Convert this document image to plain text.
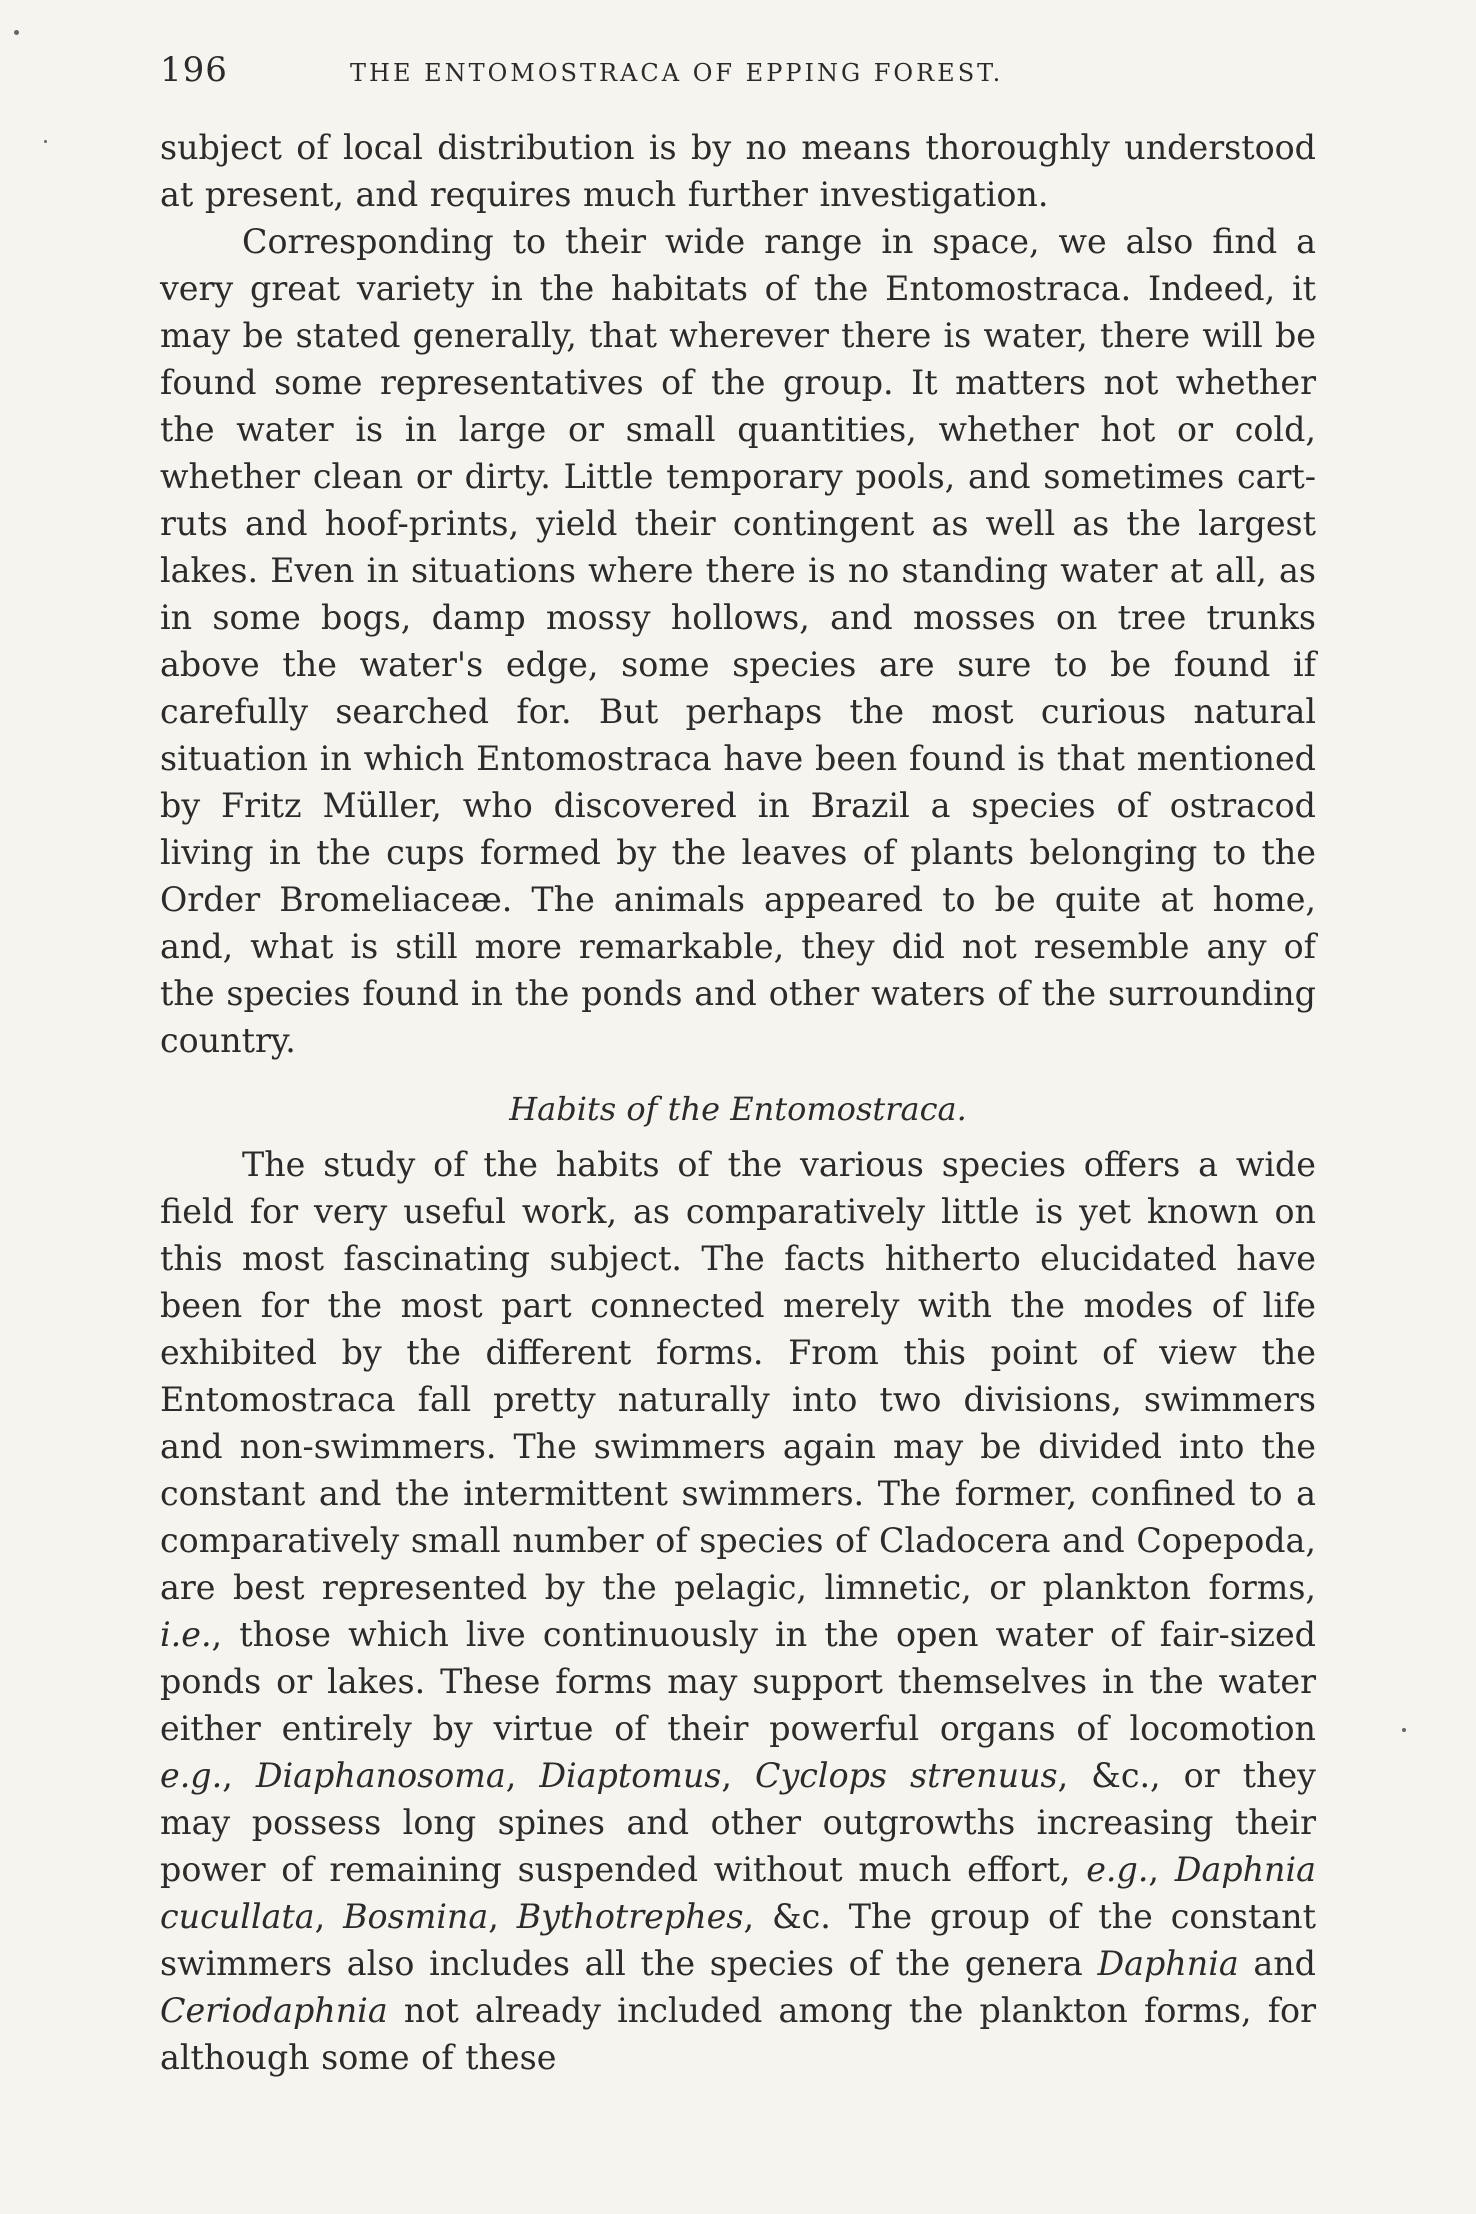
196	THE ENTOMOSTRACA OF EPPING FOREST.

subject of local distribution is by no means thoroughly understood at present, and requires much further investigation.

Corresponding to their wide range in space, we also find a very great variety in the habitats of the Entomostraca. Indeed, it may be stated generally, that wherever there is water, there will be found some representatives of the group. It matters not whether the water is in large or small quantities, whether hot or cold, whether clean or dirty. Little temporary pools, and sometimes cart-ruts and hoof-prints, yield their contingent as well as the largest lakes. Even in situations where there is no standing water at all, as in some bogs, damp mossy hollows, and mosses on tree trunks above the water's edge, some species are sure to be found if carefully searched for. But perhaps the most curious natural situation in which Entomostraca have been found is that mentioned by Fritz Müller, who discovered in Brazil a species of ostracod living in the cups formed by the leaves of plants belonging to the Order Bromeliaceæ. The animals appeared to be quite at home, and, what is still more remarkable, they did not resemble any of the species found in the ponds and other waters of the surrounding country.

Habits of the Entomostraca.

The study of the habits of the various species offers a wide field for very useful work, as comparatively little is yet known on this most fascinating subject. The facts hitherto elucidated have been for the most part connected merely with the modes of life exhibited by the different forms. From this point of view the Entomostraca fall pretty naturally into two divisions, swimmers and non-swimmers. The swimmers again may be divided into the constant and the intermittent swimmers. The former, confined to a comparatively small number of species of Cladocera and Copepoda, are best represented by the pelagic, limnetic, or plankton forms, i.e., those which live continuously in the open water of fair-sized ponds or lakes. These forms may support themselves in the water either entirely by virtue of their powerful organs of locomotion e.g., Diaphanosoma, Diaptomus, Cyclops strenuus, &c., or they may possess long spines and other outgrowths increasing their power of remaining suspended without much effort, e.g., Daphnia cucullata, Bosmina, Bythotrephes, &c. The group of the constant swimmers also includes all the species of the genera Daphnia and Ceriodaphnia not already included among the plankton forms, for although some of these
